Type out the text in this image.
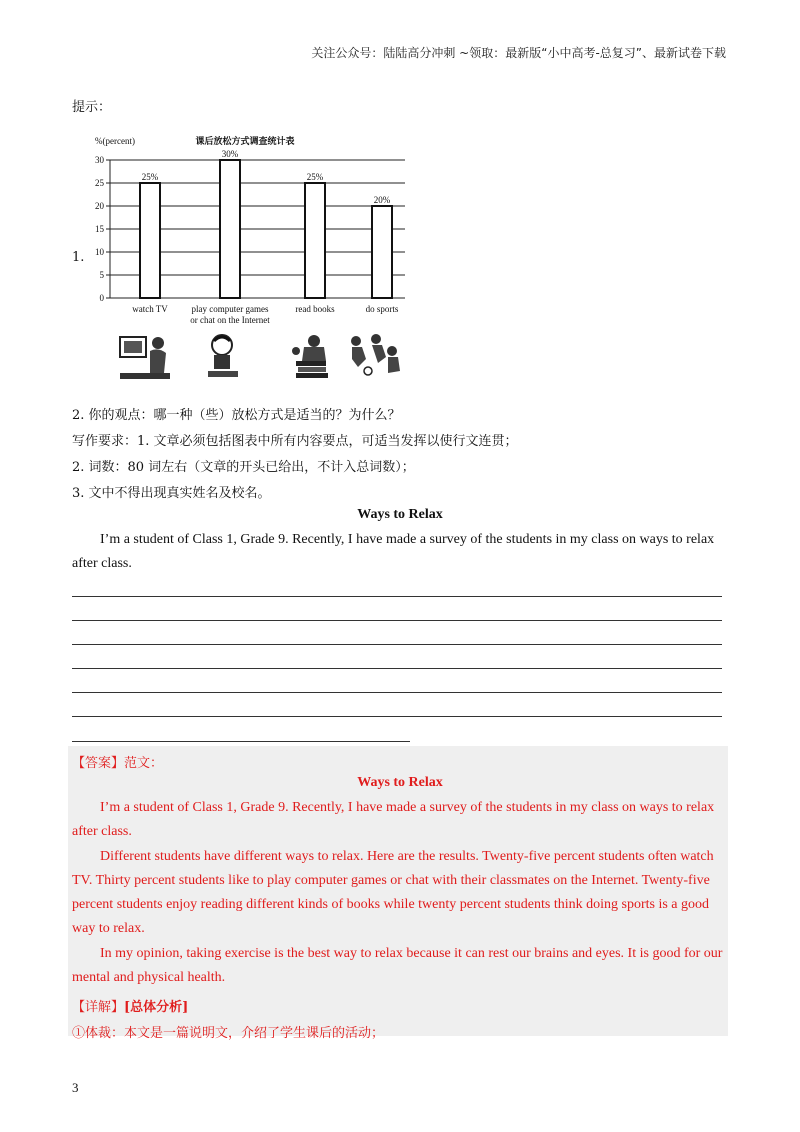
关注公众号：陆陆高分冲刺 ~领取：最新版“小中高考-总复习”、最新试卷下载
提示：
1.
课后放松方式调查统计表
%(percent)
0
5
10
15
20
25
30
25%
watch TV
30%
play computer games
or chat on the Internet
25%
read books
20%
do sports
2. 你的观点：哪一种（些）放松方式是适当的？为什么？
写作要求：1. 文章必须包括图表中所有内容要点，可适当发挥以使行文连贯；
2. 词数：80 词左右（文章的开头已给出，不计入总词数）；
3. 文中不得出现真实姓名及校名。
Ways to Relax
I’m a student of Class 1, Grade 9. Recently, I have made a survey of the students in my class on ways to relax after class.
【答案】范文：
Ways to Relax
I’m a student of Class 1, Grade 9. Recently, I have made a survey of the students in my class on ways to relax after class.
Different students have different ways to relax. Here are the results. Twenty-five percent students often watch TV. Thirty percent students like to play computer games or chat with their classmates on the Internet. Twenty-five percent students enjoy reading different kinds of books while twenty percent students think doing sports is a good way to relax.
In my opinion, taking exercise is the best way to relax because it can rest our brains and eyes. It is good for our mental and physical health.
【详解】[总体分析]
①体裁：本文是一篇说明文，介绍了学生课后的活动；
3
